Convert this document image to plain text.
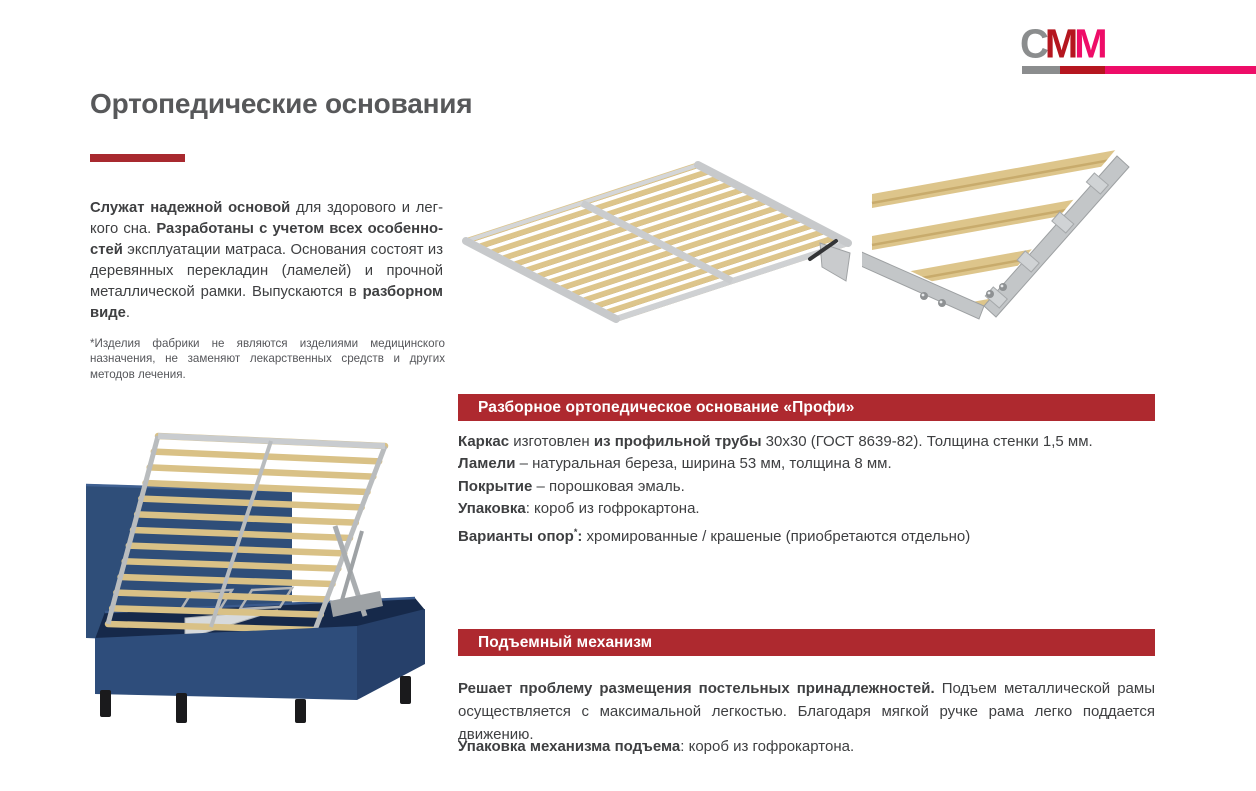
СММ
Ортопедические основания

Служат надежной основой для здорового и легкого сна. Разработаны с учетом всех особенностей эксплуатации матраса. Основания состоят из деревянных перекладин (ламелей) и прочной металлической рамки. Выпускаются в разборном виде.

*Изделия фабрики не являются изделиями медицинского назначения, не заменяют лекарственных средств и других методов лечения.

Разборное ортопедическое основание «Профи»
Каркас изготовлен из профильной трубы 30х30 (ГОСТ 8639-82). Толщина стенки 1,5 мм.
Ламели – натуральная береза, ширина 53 мм, толщина 8 мм.
Покрытие – порошковая эмаль.
Упаковка: короб из гофрокартона.
Варианты опор*: хромированные / крашеные (приобретаются отдельно)
Подъемный механизм

Решает проблему размещения постельных принадлежностей. Подъем металлической рамы осуществляется с максимальной легкостью. Благодаря мягкой ручке рама легко поддается движению.

Упаковка механизма подъема: короб из гофрокартона.
